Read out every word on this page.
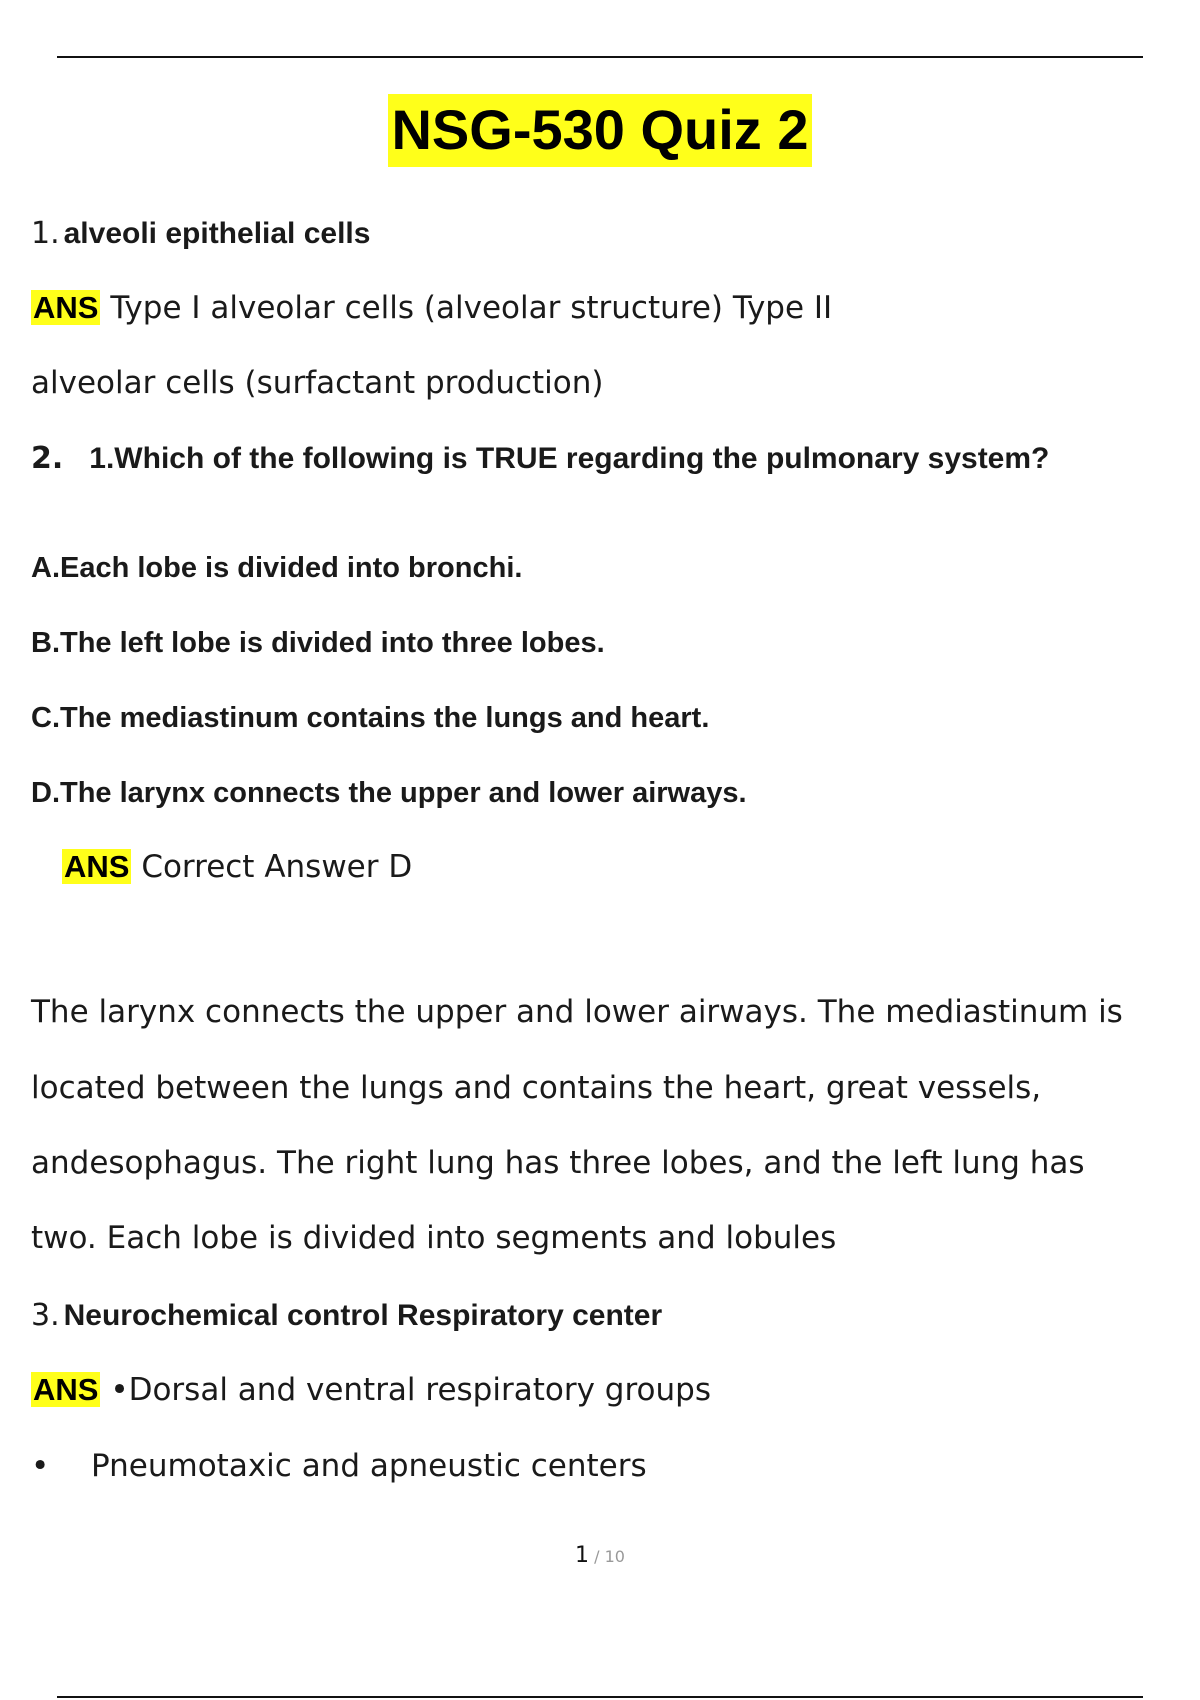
NSG-530 Quiz 2
1. alveoli epithelial cells
ANS Type I alveolar cells (alveolar structure) Type II
alveolar cells (surfactant production)
2. 1.Which of the following is TRUE regarding the pulmonary system?
A.Each lobe is divided into bronchi.
B.The left lobe is divided into three lobes.
C.The mediastinum contains the lungs and heart.
D.The larynx connects the upper and lower airways.
ANS Correct Answer D
The larynx connects the upper and lower airways. The mediastinum is
located between the lungs and contains the heart, great vessels,
andesophagus. The right lung has three lobes, and the left lung has
two. Each lobe is divided into segments and lobules
3. Neurochemical control Respiratory center
ANS •Dorsal and ventral respiratory groups
• Pneumotaxic and apneustic centers
1 / 10
